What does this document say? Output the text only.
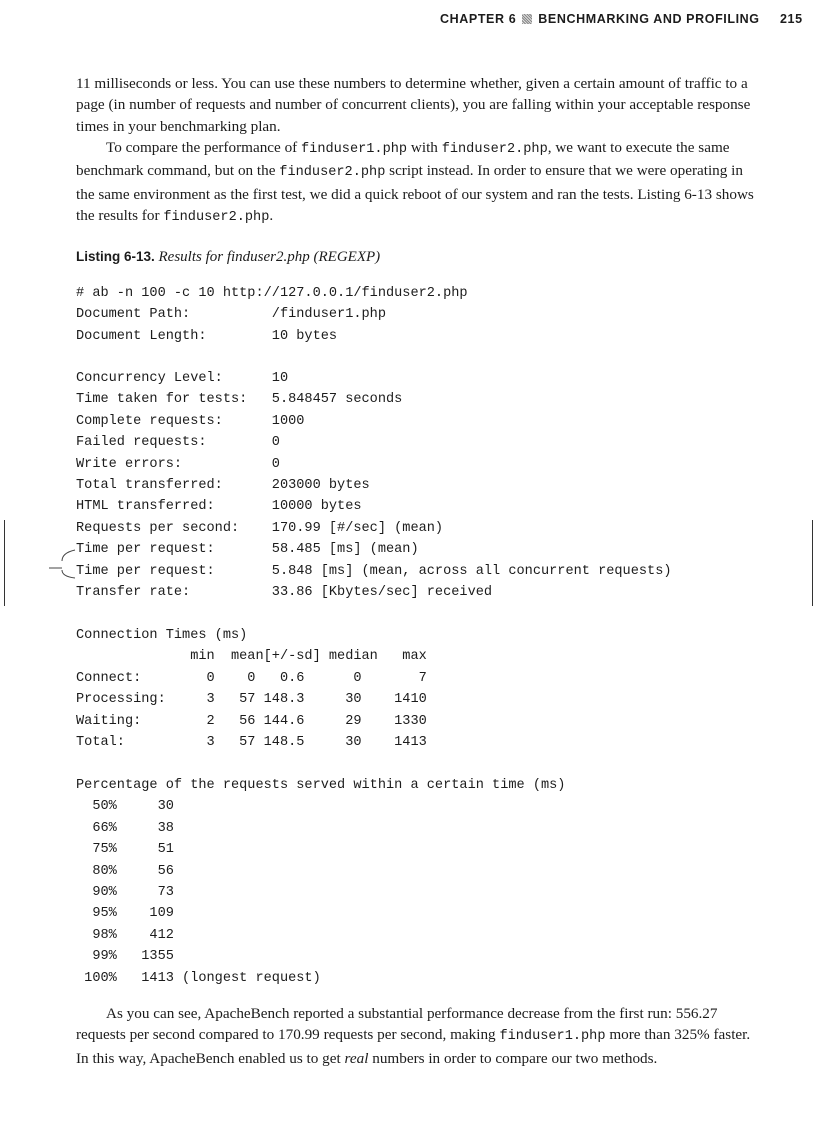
CHAPTER 6 BENCHMARKING AND PROFILING 215

11 milliseconds or less. You can use these numbers to determine whether, given a certain amount of traffic to a page (in number of requests and number of concurrent clients), you are falling within your acceptable response times in your benchmarking plan.

To compare the performance of finduser1.php with finduser2.php, we want to execute the same benchmark command, but on the finduser2.php script instead. In order to ensure that we were operating in the same environment as the first test, we did a quick reboot of our system and ran the tests. Listing 6-13 shows the results for finduser2.php.

Listing 6-13. Results for finduser2.php (REGEXP)
# ab -n 100 -c 10 http://127.0.0.1/finduser2.php
Document Path:          /finduser1.php
Document Length:        10 bytes
Concurrency Level:      10
Time taken for tests:   5.848457 seconds
Complete requests:      1000
Failed requests:        0
Write errors:           0
Total transferred:      203000 bytes
HTML transferred:       10000 bytes
Requests per second:    170.99 [#/sec] (mean)
Time per request:       58.485 [ms] (mean)
Time per request:       5.848 [ms] (mean, across all concurrent requests)
Transfer rate:          33.86 [Kbytes/sec] received
Connection Times (ms)
min  mean[+/-sd] median   max
Connect:        0    0   0.6      0       7
Processing:     3   57 148.3     30    1410
Waiting:        2   56 144.6     29    1330
Total:          3   57 148.5     30    1413
Percentage of the requests served within a certain time (ms)
50%     30
66%     38
75%     51
80%     56
90%     73
95%    109
98%    412
99%   1355
100%   1413 (longest request)

As you can see, ApacheBench reported a substantial performance decrease from the first run: 556.27 requests per second compared to 170.99 requests per second, making finduser1.php more than 325% faster. In this way, ApacheBench enabled us to get real numbers in order to compare our two methods.
